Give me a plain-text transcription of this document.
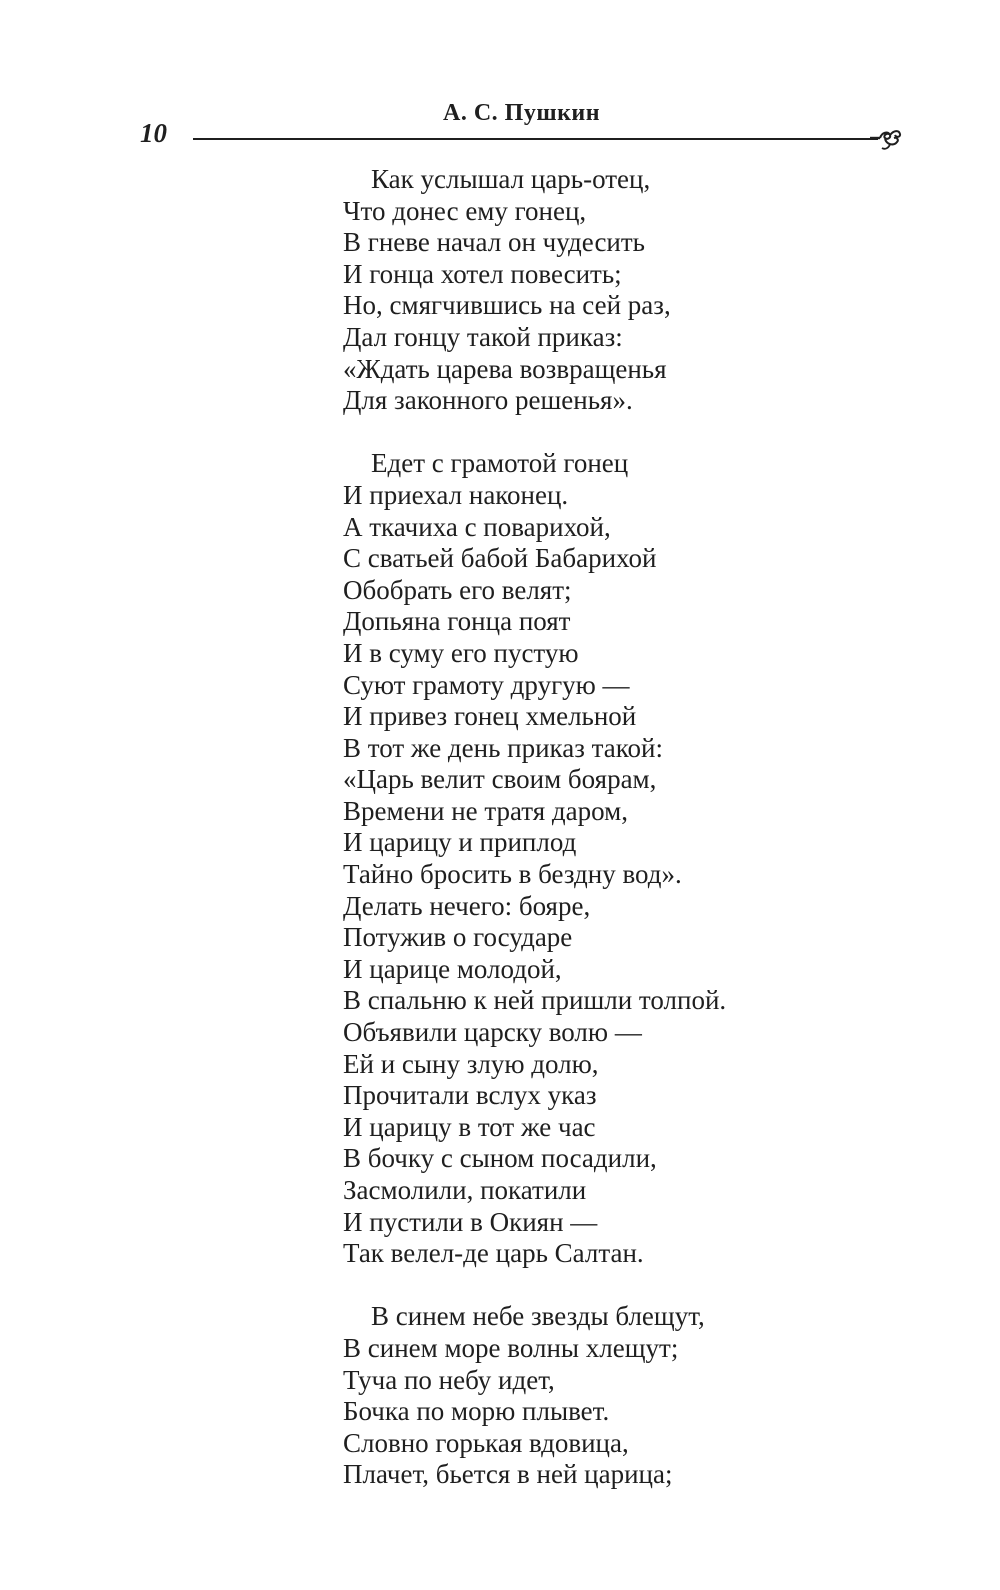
10
А. С. Пушкин
Как услышал царь-отец,
Что донес ему гонец,
В гневе начал он чудесить
И гонца хотел повесить;
Но, смягчившись на сей раз,
Дал гонцу такой приказ:
«Ждать царева возвращенья
Для законного решенья».
Едет с грамотой гонец
И приехал наконец.
А ткачиха с поварихой,
С сватьей бабой Бабарихой
Обобрать его велят;
Допьяна гонца поят
И в суму его пустую
Суют грамоту другую —
И привез гонец хмельной
В тот же день приказ такой:
«Царь велит своим боярам,
Времени не тратя даром,
И царицу и приплод
Тайно бросить в бездну вод».
Делать нечего: бояре,
Потужив о государе
И царице молодой,
В спальню к ней пришли толпой.
Объявили царску волю —
Ей и сыну злую долю,
Прочитали вслух указ
И царицу в тот же час
В бочку с сыном посадили,
Засмолили, покатили
И пустили в Окиян —
Так велел-де царь Салтан.
В синем небе звезды блещут,
В синем море волны хлещут;
Туча по небу идет,
Бочка по морю плывет.
Словно горькая вдовица,
Плачет, бьется в ней царица;
